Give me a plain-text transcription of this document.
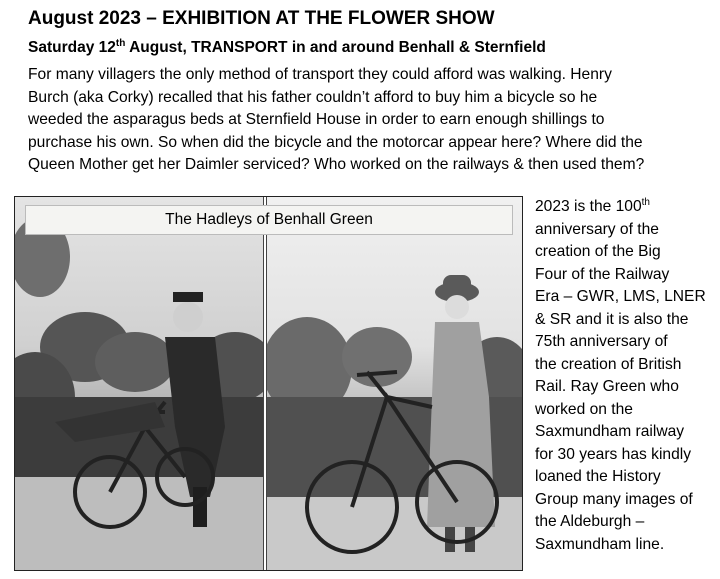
August 2023 – EXHIBITION AT THE FLOWER SHOW
Saturday 12th August, TRANSPORT in and around Benhall & Sternfield

For many villagers the only method of transport they could afford was walking. Henry
Burch (aka Corky) recalled that his father couldn’t afford to buy him a bicycle so he
weeded the asparagus beds at Sternfield House in order to earn enough shillings to
purchase his own. So when did the bicycle and the motorcar appear here? Where did the
Queen Mother get her Daimler serviced? Who worked on the railways & then used them?

The Hadleys of Benhall Green

2023 is the 100th
anniversary of the
creation of the Big
Four of the Railway
Era – GWR, LMS, LNER
& SR and it is also the
75th anniversary of
the creation of British
Rail. Ray Green who
worked on the
Saxmundham railway
for 30 years has kindly
loaned the History
Group many images of
the Aldeburgh –
Saxmundham line.
